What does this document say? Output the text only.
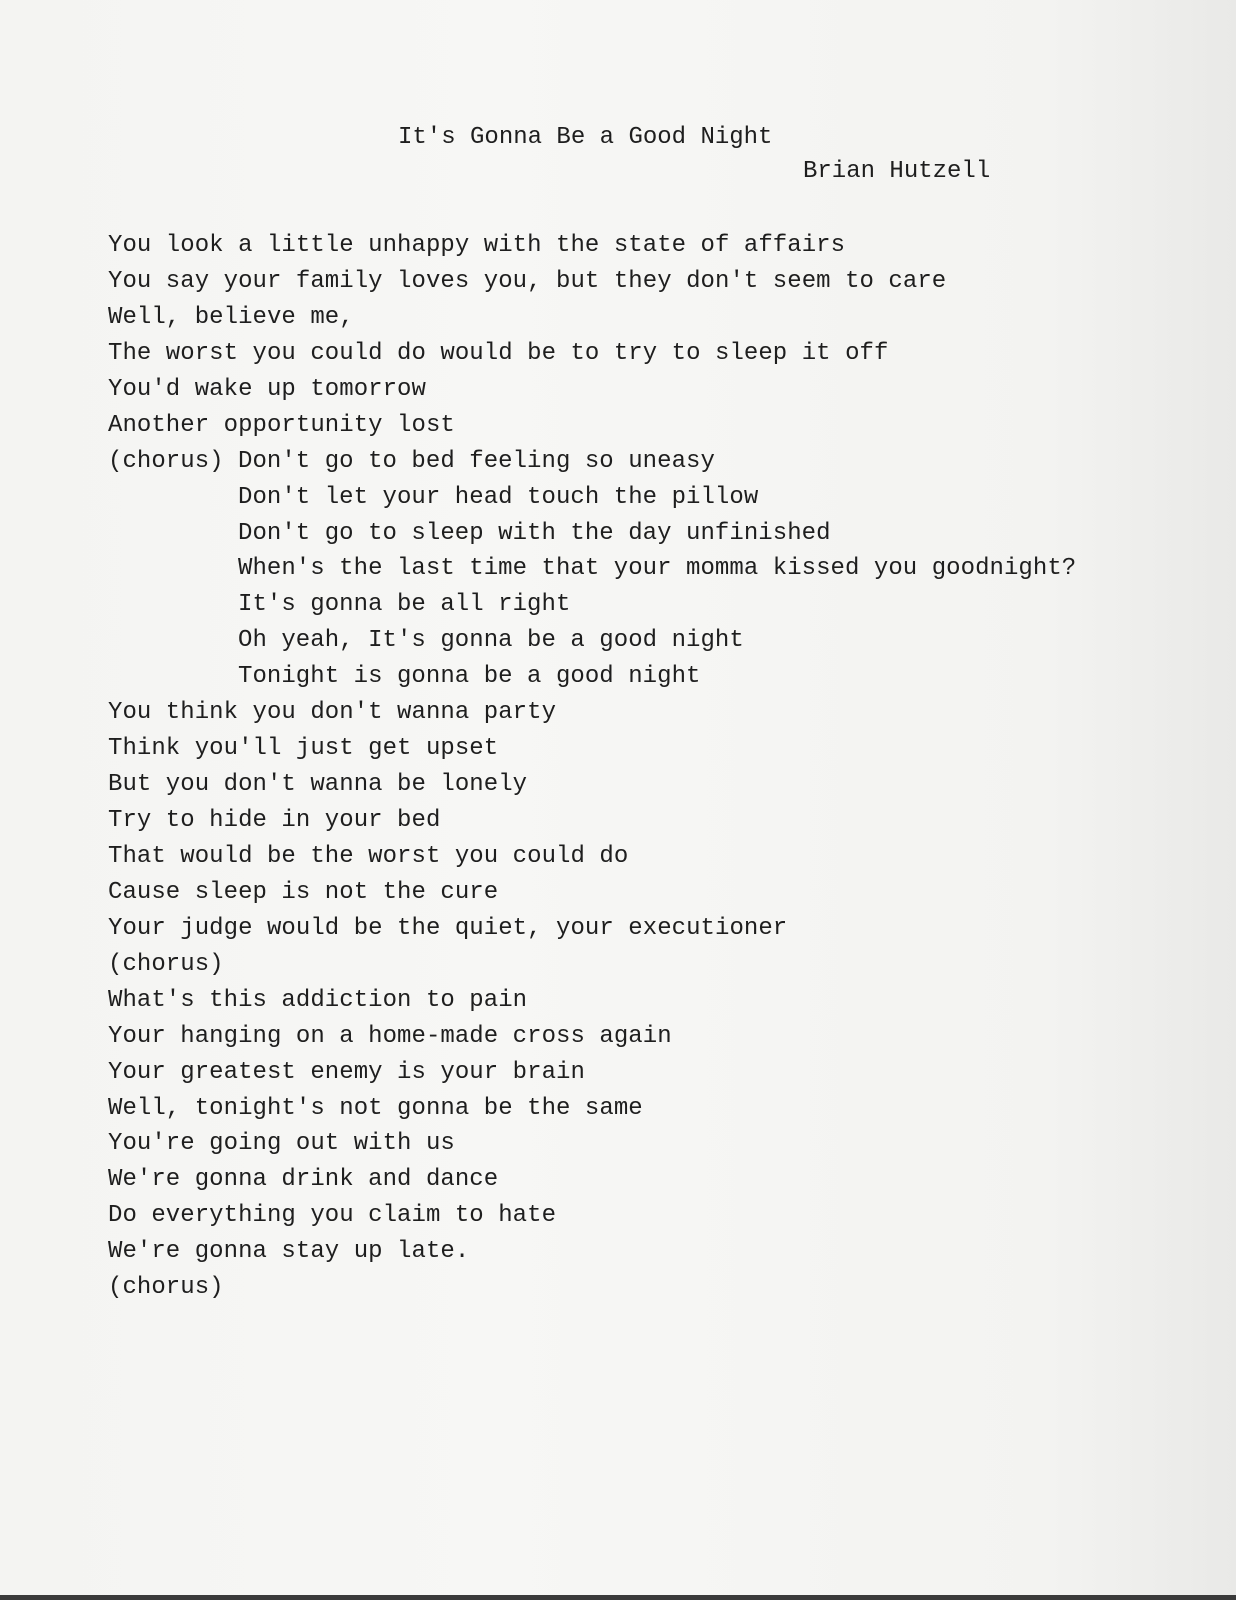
It's Gonna Be a Good Night
Brian Hutzell
You look a little unhappy with the state of affairs
You say your family loves you, but they don't seem to care
Well, believe me,
The worst you could do would be to try to sleep it off
You'd wake up tomorrow
Another opportunity lost
(chorus) Don't go to bed feeling so uneasy
Don't let your head touch the pillow
Don't go to sleep with the day unfinished
When's the last time that your momma kissed you goodnight?
It's gonna be all right
Oh yeah, It's gonna be a good night
Tonight is gonna be a good night
You think you don't wanna party
Think you'll just get upset
But you don't wanna be lonely
Try to hide in your bed
That would be the worst you could do
Cause sleep is not the cure
Your judge would be the quiet, your executioner
(chorus)
What's this addiction to pain
Your hanging on a home-made cross again
Your greatest enemy is your brain
Well, tonight's not gonna be the same
You're going out with us
We're gonna drink and dance
Do everything you claim to hate
We're gonna stay up late.
(chorus)
